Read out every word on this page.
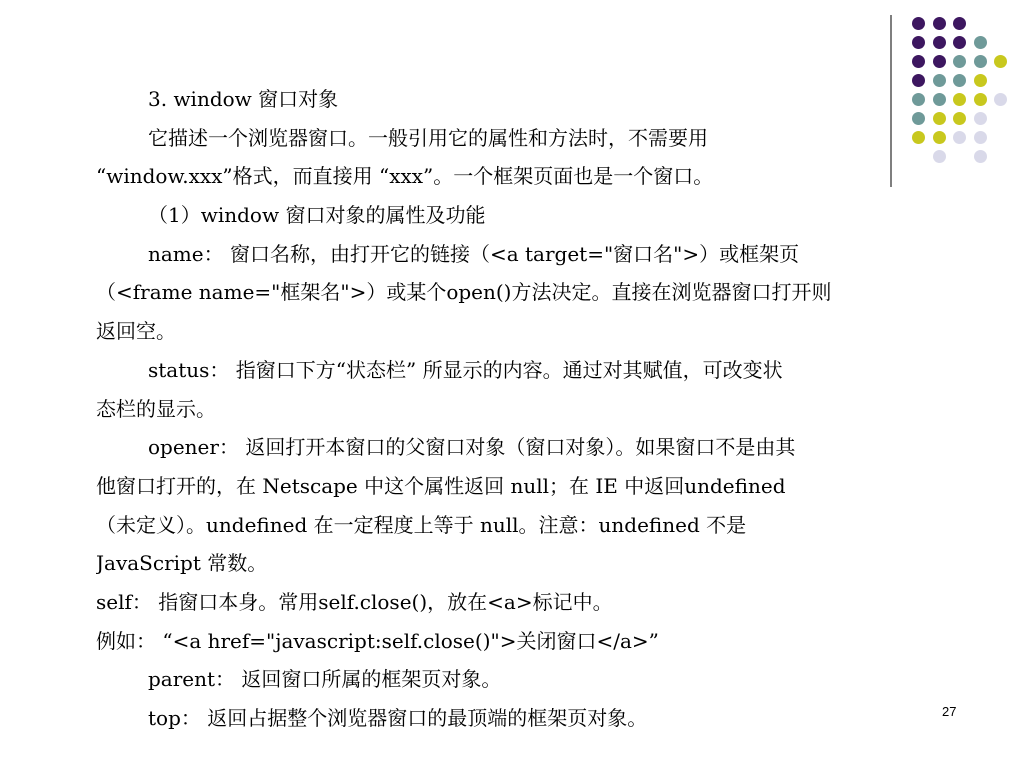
3. window 窗口对象
它描述一个浏览器窗口。一般引用它的属性和方法时，不需要用
“window.xxx”格式，而直接用 “xxx”。一个框架页面也是一个窗口。
（1）window 窗口对象的属性及功能
name： 窗口名称，由打开它的链接（<a target="窗口名">）或框架页
（<frame name="框架名">）或某个open()方法决定。直接在浏览器窗口打开则
返回空。
status： 指窗口下方“状态栏” 所显示的内容。通过对其赋值，可改变状
态栏的显示。
opener： 返回打开本窗口的父窗口对象（窗口对象）。如果窗口不是由其
他窗口打开的，在 Netscape 中这个属性返回 null；在 IE 中返回undefined
（未定义）。undefined 在一定程度上等于 null。注意：undefined 不是
JavaScript 常数。
self： 指窗口本身。常用self.close()，放在<a>标记中。
例如： “<a href="javascript:self.close()">关闭窗口</a>”
parent： 返回窗口所属的框架页对象。
top： 返回占据整个浏览器窗口的最顶端的框架页对象。	27
